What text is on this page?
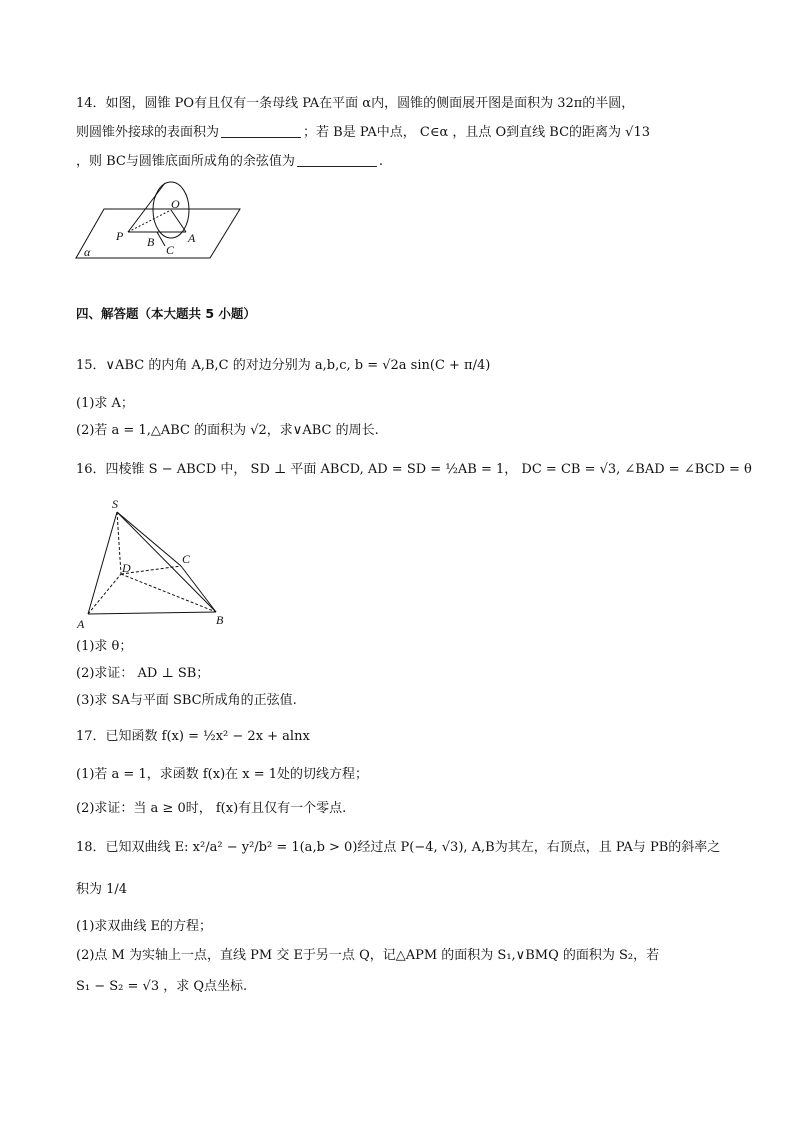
14．如图，圆锥 PO有且仅有一条母线 PA在平面 α内，圆锥的侧面展开图是面积为 32π的半圆，
则圆锥外接球的表面积为	；若 B是 PA中点， C∈α ，且点 O到直线 BC的距离为 √13
，则 BC与圆锥底面所成角的余弦值为	.
O
P B
C
A
α
四、解答题（本大题共 5 小题）
15．∨ABC 的内角 A,B,C 的对边分别为 a,b,c, b = √2a sin(C + π/4)
(1)求 A；
(2)若 a = 1,△ABC 的面积为 √2，求∨ABC 的周长.
16．四棱锥 S − ABCD 中， SD ⊥ 平面 ABCD, AD = SD = ½AB = 1， DC = CB = √3, ∠BAD = ∠BCD = θ
S
C
D
A	B
(1)求 θ；
(2)求证： AD ⊥ SB；
(3)求 SA与平面 SBC所成角的正弦值.
17．已知函数 f(x) = ½x² − 2x + alnx
(1)若 a = 1，求函数 f(x)在 x = 1处的切线方程；
(2)求证：当 a ≥ 0时， f(x)有且仅有一个零点.
18．已知双曲线 E: x²/a² − y²/b² = 1(a,b > 0)经过点 P(−4, √3), A,B为其左，右顶点，且 PA与 PB的斜率之
积为 1/4
(1)求双曲线 E的方程；
(2)点 M 为实轴上一点，直线 PM 交 E于另一点 Q，记△APM 的面积为 S₁,∨BMQ 的面积为 S₂，若
S₁ − S₂ = √3 ，求 Q点坐标.
